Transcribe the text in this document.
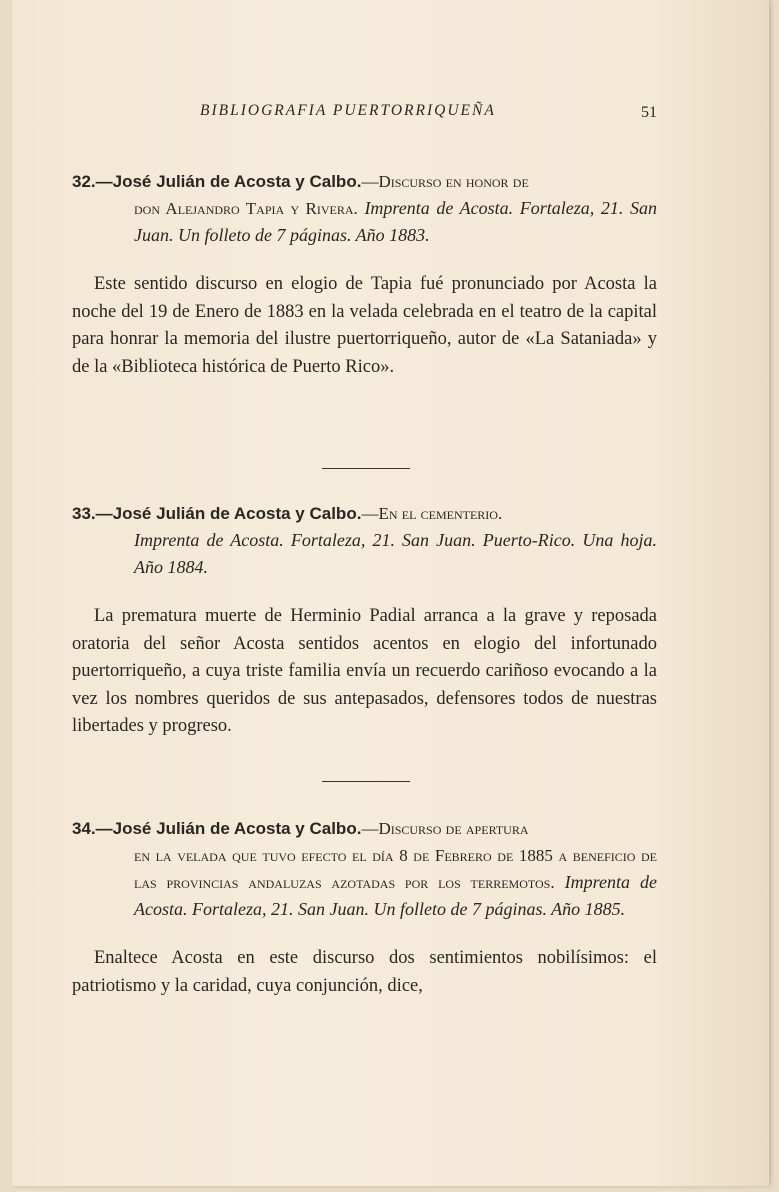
BIBLIOGRAFIA PUERTORRIQUEÑA	51

32.—José Julián de Acosta y Calbo.—Discurso en honor de
don Alejandro Tapia y Rivera. Imprenta de Acosta. Fortaleza, 21. San Juan. Un folleto de 7 páginas. Año 1883.

Este sentido discurso en elogio de Tapia fué pronunciado por Acosta la noche del 19 de Enero de 1883 en la velada celebrada en el teatro de la capital para honrar la memoria del ilustre puertorriqueño, autor de «La Sataniada» y de la «Biblioteca histórica de Puerto Rico».

33.—José Julián de Acosta y Calbo.—En el cementerio.
Imprenta de Acosta. Fortaleza, 21. San Juan. Puerto-Rico. Una hoja. Año 1884.

La prematura muerte de Herminio Padial arranca a la grave y reposada oratoria del señor Acosta sentidos acentos en elogio del infortunado puertorriqueño, a cuya triste familia envía un recuerdo cariñoso evocando a la vez los nombres queridos de sus antepasados, defensores todos de nuestras libertades y progreso.

34.—José Julián de Acosta y Calbo.—Discurso de apertura
en la velada que tuvo efecto el día 8 de Febrero de 1885 a beneficio de las provincias andaluzas azotadas por los terremotos. Imprenta de Acosta. Fortaleza, 21. San Juan. Un folleto de 7 páginas. Año 1885.

Enaltece Acosta en este discurso dos sentimientos nobilísimos: el patriotismo y la caridad, cuya conjunción, dice,
